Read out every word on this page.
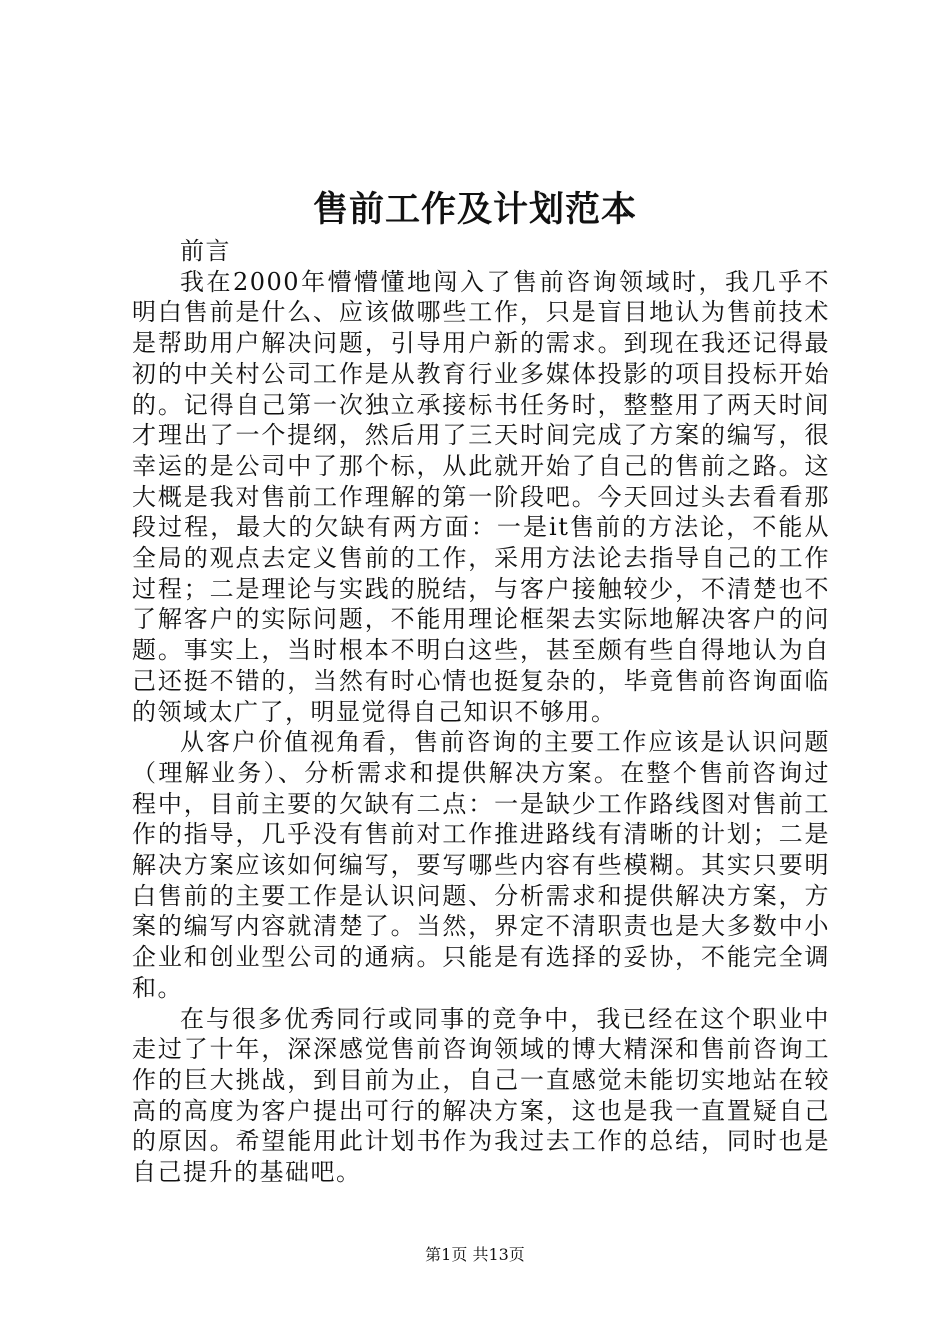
售前工作及计划范本

前言

我在2000年懵懵懂地闯入了售前咨询领域时，我几乎不明白售前是什么、应该做哪些工作，只是盲目地认为售前技术是帮助用户解决问题，引导用户新的需求。到现在我还记得最初的中关村公司工作是从教育行业多媒体投影的项目投标开始的。记得自己第一次独立承接标书任务时，整整用了两天时间才理出了一个提纲，然后用了三天时间完成了方案的编写，很幸运的是公司中了那个标，从此就开始了自己的售前之路。这大概是我对售前工作理解的第一阶段吧。今天回过头去看看那段过程，最大的欠缺有两方面：一是it售前的方法论，不能从全局的观点去定义售前的工作，采用方法论去指导自己的工作过程；二是理论与实践的脱结，与客户接触较少，不清楚也不了解客户的实际问题，不能用理论框架去实际地解决客户的问题。事实上，当时根本不明白这些，甚至颇有些自得地认为自己还挺不错的，当然有时心情也挺复杂的，毕竟售前咨询面临的领域太广了，明显觉得自己知识不够用。

从客户价值视角看，售前咨询的主要工作应该是认识问题（理解业务）、分析需求和提供解决方案。在整个售前咨询过程中，目前主要的欠缺有二点：一是缺少工作路线图对售前工作的指导，几乎没有售前对工作推进路线有清晰的计划；二是解决方案应该如何编写，要写哪些内容有些模糊。其实只要明白售前的主要工作是认识问题、分析需求和提供解决方案，方案的编写内容就清楚了。当然，界定不清职责也是大多数中小企业和创业型公司的通病。只能是有选择的妥协，不能完全调和。

在与很多优秀同行或同事的竞争中，我已经在这个职业中走过了十年，深深感觉售前咨询领域的博大精深和售前咨询工作的巨大挑战，到目前为止，自己一直感觉未能切实地站在较高的高度为客户提出可行的解决方案，这也是我一直置疑自己的原因。希望能用此计划书作为我过去工作的总结，同时也是自己提升的基础吧。

第1页 共13页
